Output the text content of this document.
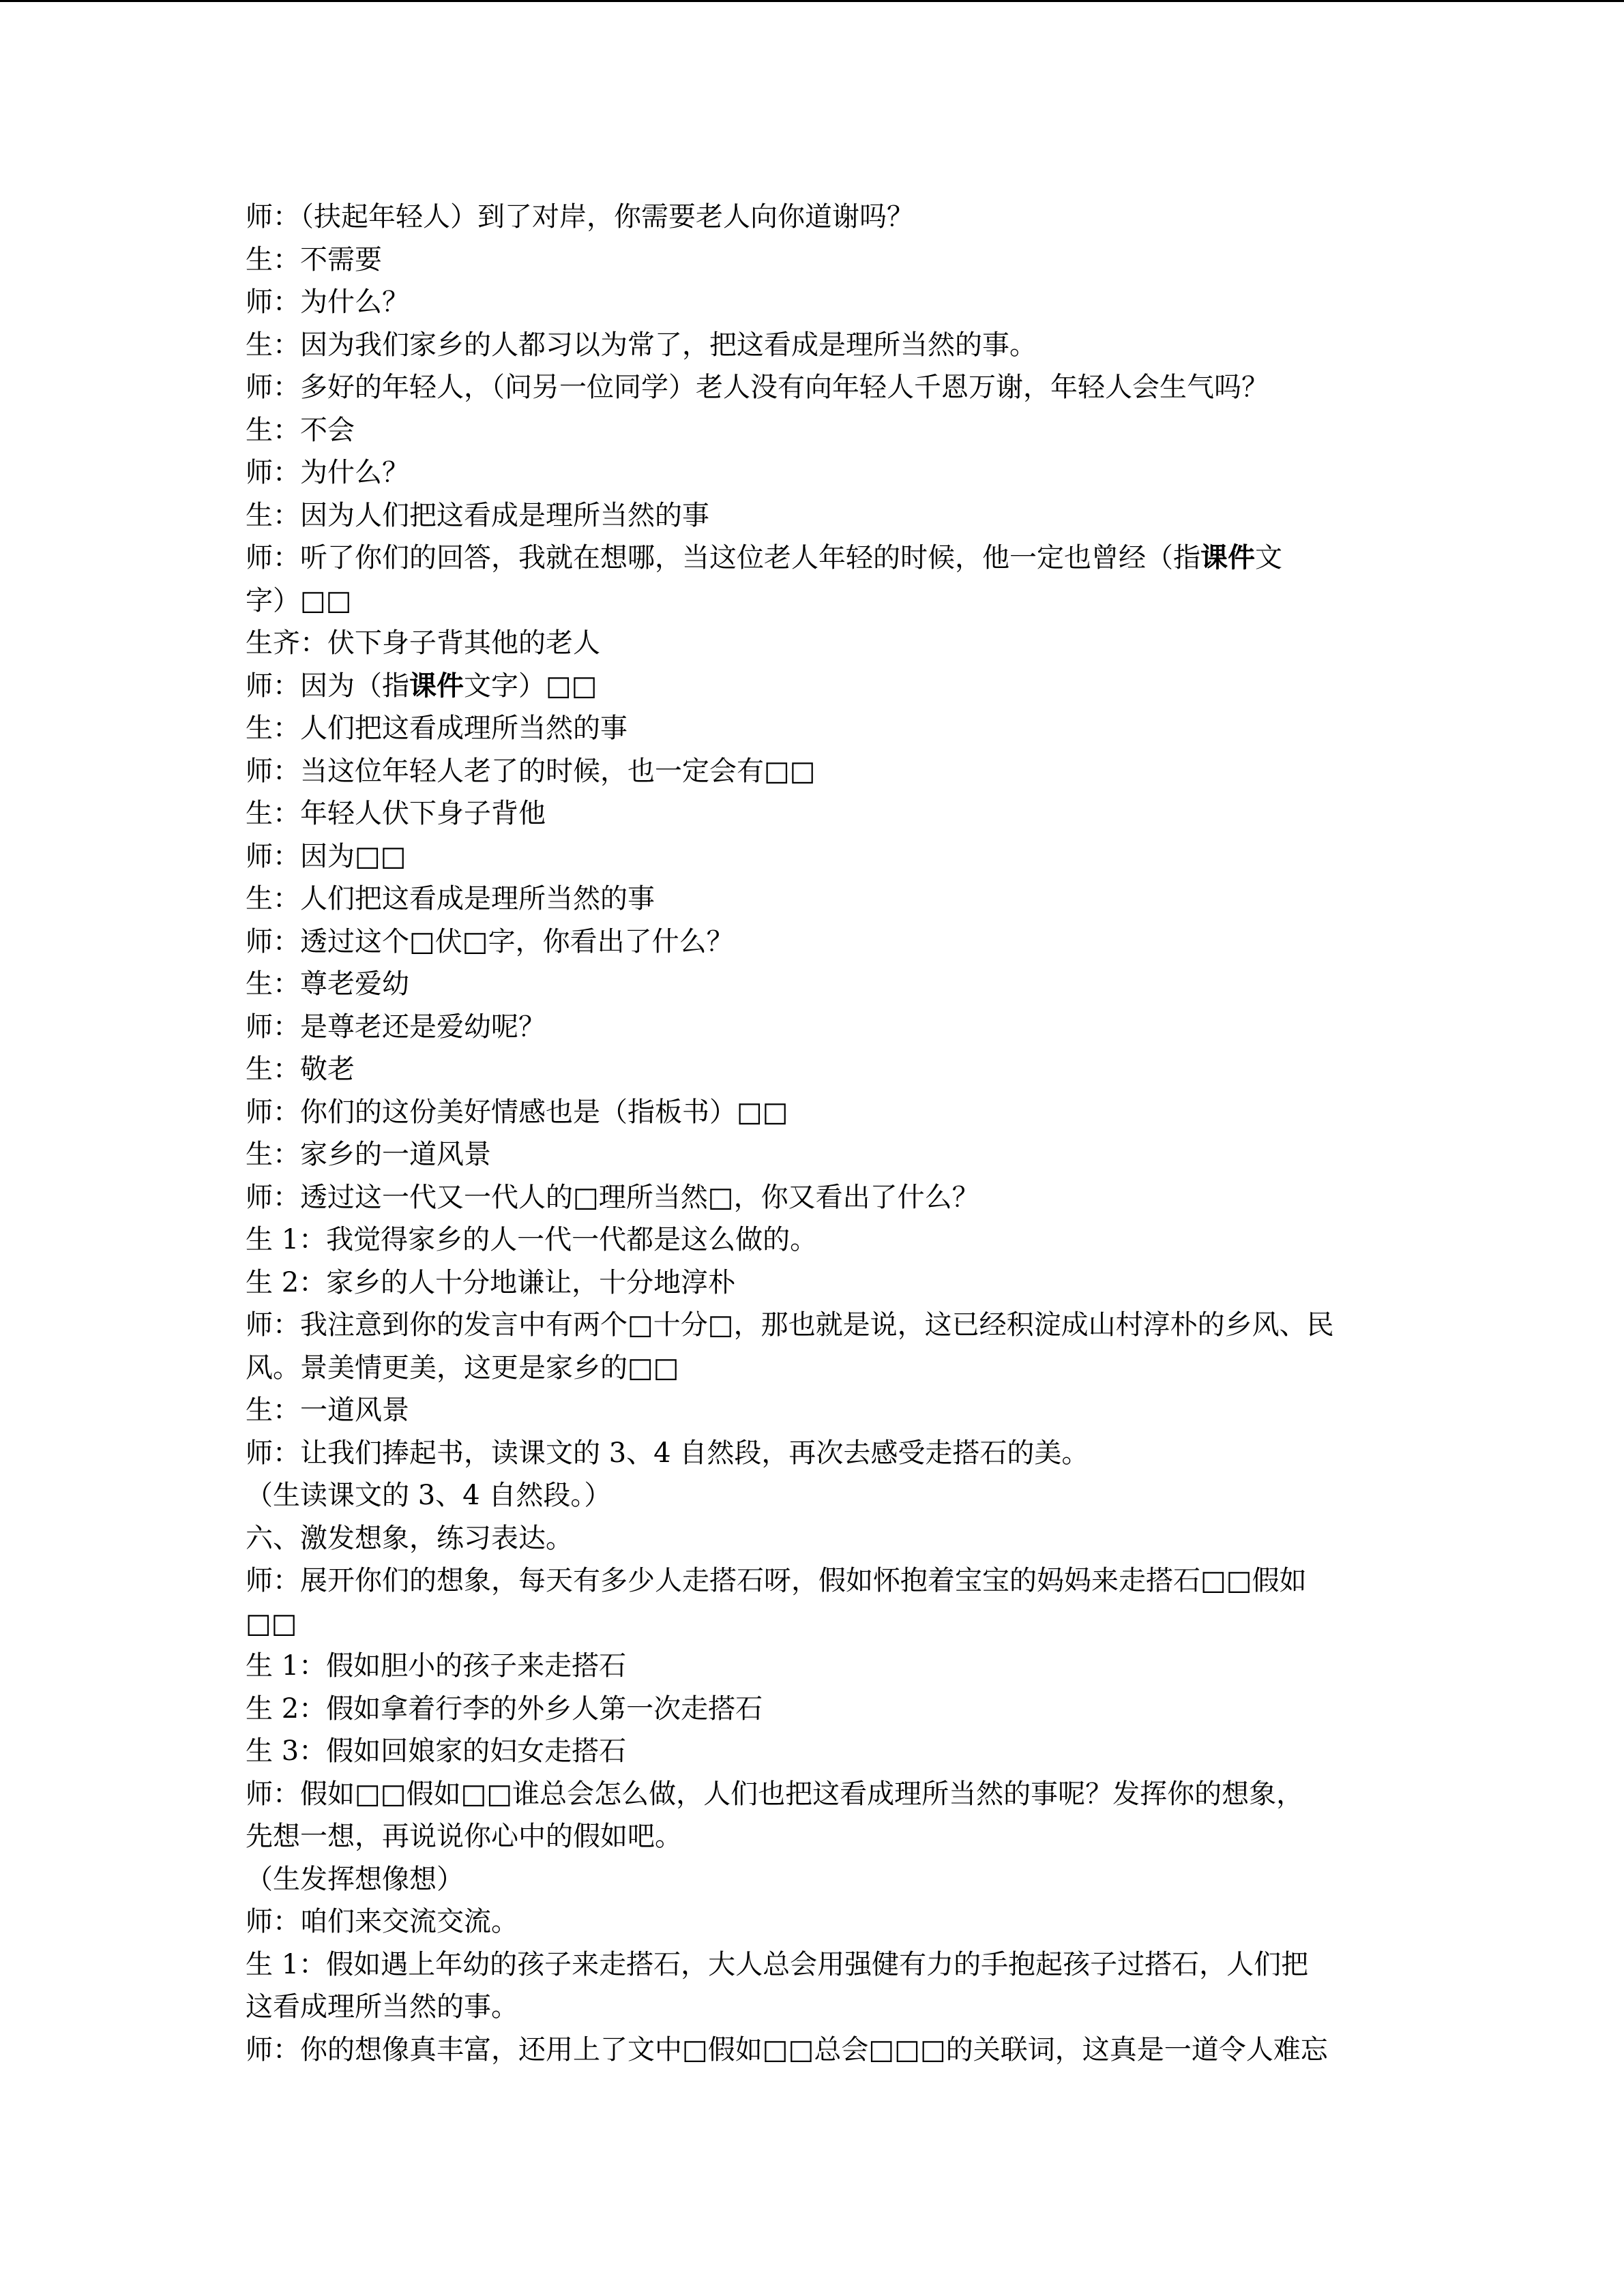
师：（扶起年轻人）到了对岸，你需要老人向你道谢吗？
生：不需要
师：为什么？
生：因为我们家乡的人都习以为常了，把这看成是理所当然的事。
师：多好的年轻人，（问另一位同学）老人没有向年轻人千恩万谢，年轻人会生气吗？
生：不会
师：为什么？
生：因为人们把这看成是理所当然的事
师：听了你们的回答，我就在想哪，当这位老人年轻的时候，他一定也曾经（指课件文
字）□□
生齐：伏下身子背其他的老人
师：因为（指课件文字）□□
生：人们把这看成理所当然的事
师：当这位年轻人老了的时候，也一定会有□□
生：年轻人伏下身子背他
师：因为□□
生：人们把这看成是理所当然的事
师：透过这个□伏□字，你看出了什么？
生：尊老爱幼
师：是尊老还是爱幼呢？
生：敬老
师：你们的这份美好情感也是（指板书）□□
生：家乡的一道风景
师：透过这一代又一代人的□理所当然□，你又看出了什么？
生 1：我觉得家乡的人一代一代都是这么做的。
生 2：家乡的人十分地谦让，十分地淳朴
师：我注意到你的发言中有两个□十分□，那也就是说，这已经积淀成山村淳朴的乡风、民
风。景美情更美，这更是家乡的□□
生：一道风景
师：让我们捧起书，读课文的 3、4 自然段，再次去感受走搭石的美。
（生读课文的 3、4 自然段。）
六、激发想象，练习表达。
师：展开你们的想象，每天有多少人走搭石呀，假如怀抱着宝宝的妈妈来走搭石□□假如
□□
生 1：假如胆小的孩子来走搭石
生 2：假如拿着行李的外乡人第一次走搭石
生 3：假如回娘家的妇女走搭石
师：假如□□假如□□谁总会怎么做，人们也把这看成理所当然的事呢？发挥你的想象，
先想一想，再说说你心中的假如吧。
（生发挥想像想）
师：咱们来交流交流。
生 1：假如遇上年幼的孩子来走搭石，大人总会用强健有力的手抱起孩子过搭石，人们把
这看成理所当然的事。
师：你的想像真丰富，还用上了文中□假如□□总会□□□的关联词，这真是一道令人难忘
